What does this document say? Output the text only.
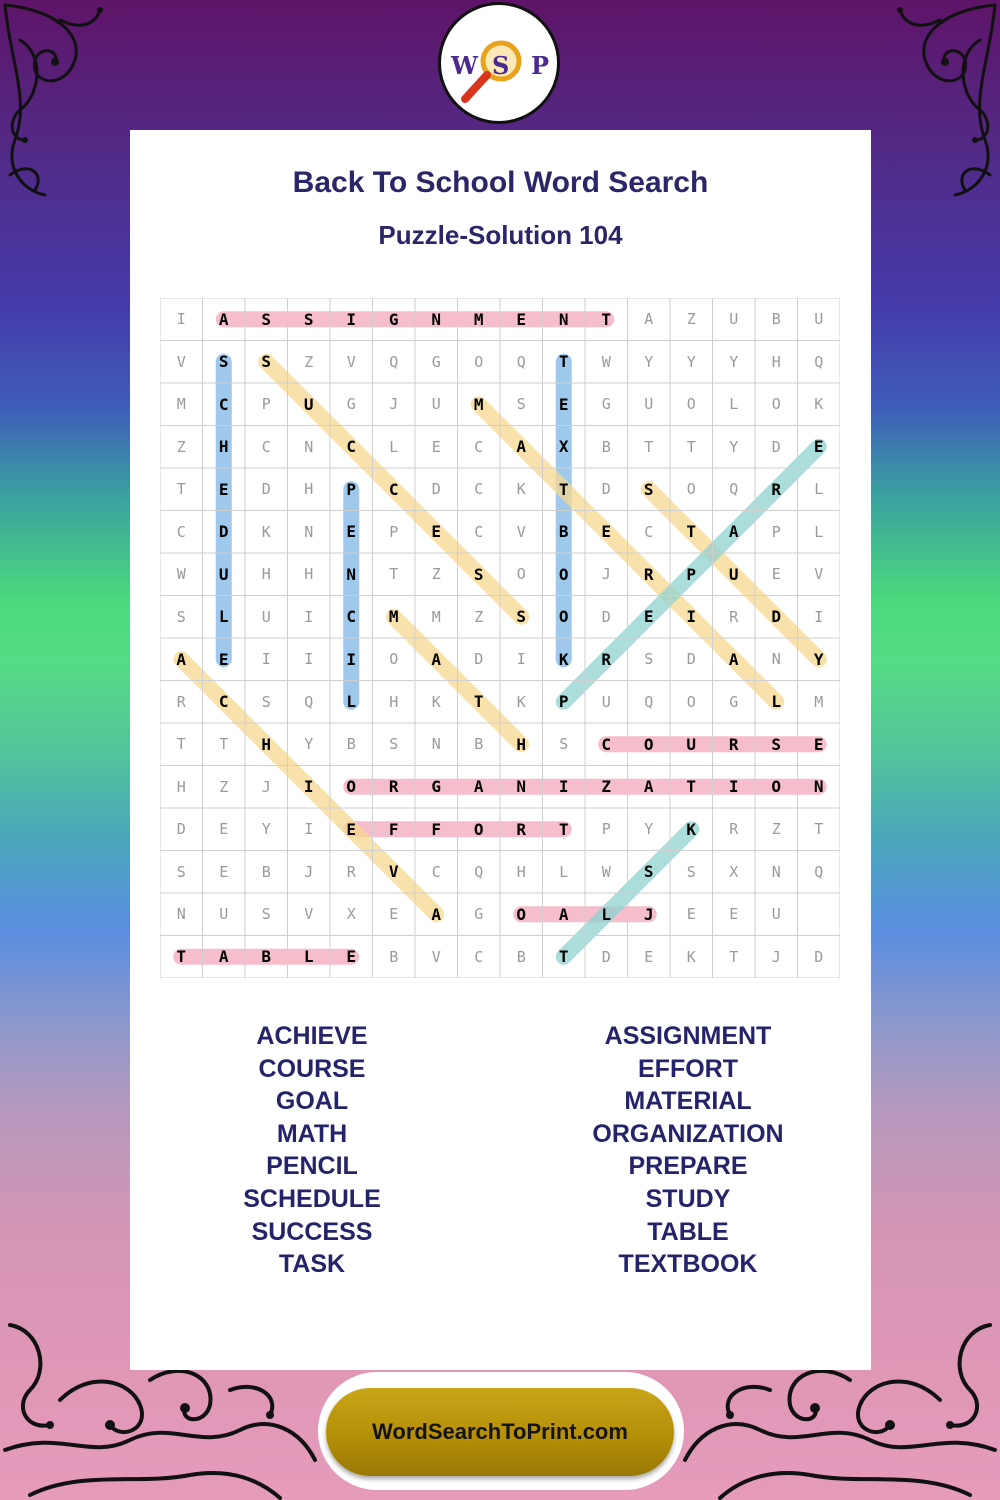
W S P
Back To School Word Search
Puzzle-Solution 104
I	A	S	S	I	G	N	M	E	N	T	A	Z	U	B	U
V	S	S	Z	V	Q	G	O	Q	T	W	Y	Y	Y	H	Q
M	C	P	U	G	J	U	M	S	E	G	U	O	L	O	K
Z	H	C	N	C	L	E	C	A	X	B	T	T	Y	D	E
T	E	D	H	P	C	D	C	K	T	D	S	O	Q	R	L
C	D	K	N	E	P	E	C	V	B	E	C	T	A	P	L
W	U	H	H	N	T	Z	S	O	O	J	R	P	U	E	V
S	L	U	I	C	M	M	Z	S	O	D	E	I	R	D	I
A	E	I	I	I	O	A	D	I	K	R	S	D	A	N	Y
R	C	S	Q	L	H	K	T	K	P	U	Q	O	G	L	M
T	T	H	Y	B	S	N	B	H	S	C	O	U	R	S	E
H	Z	J	I	O	R	G	A	N	I	Z	A	T	I	O	N
D	E	Y	I	E	F	F	O	R	T	P	Y	K	R	Z	T
S	E	B	J	R	V	C	Q	H	L	W	S	S	X	N	Q
N	U	S	V	X	E	A	G	O	A	L	J	E	E	U
T	A	B	L	E	B	V	C	B	T	D	E	K	T	J	D
ACHIEVE
COURSE
GOAL
MATH
PENCIL
SCHEDULE
SUCCESS
TASK
ASSIGNMENT
EFFORT
MATERIAL
ORGANIZATION
PREPARE
STUDY
TABLE
TEXTBOOK
WordSearchToPrint.com
